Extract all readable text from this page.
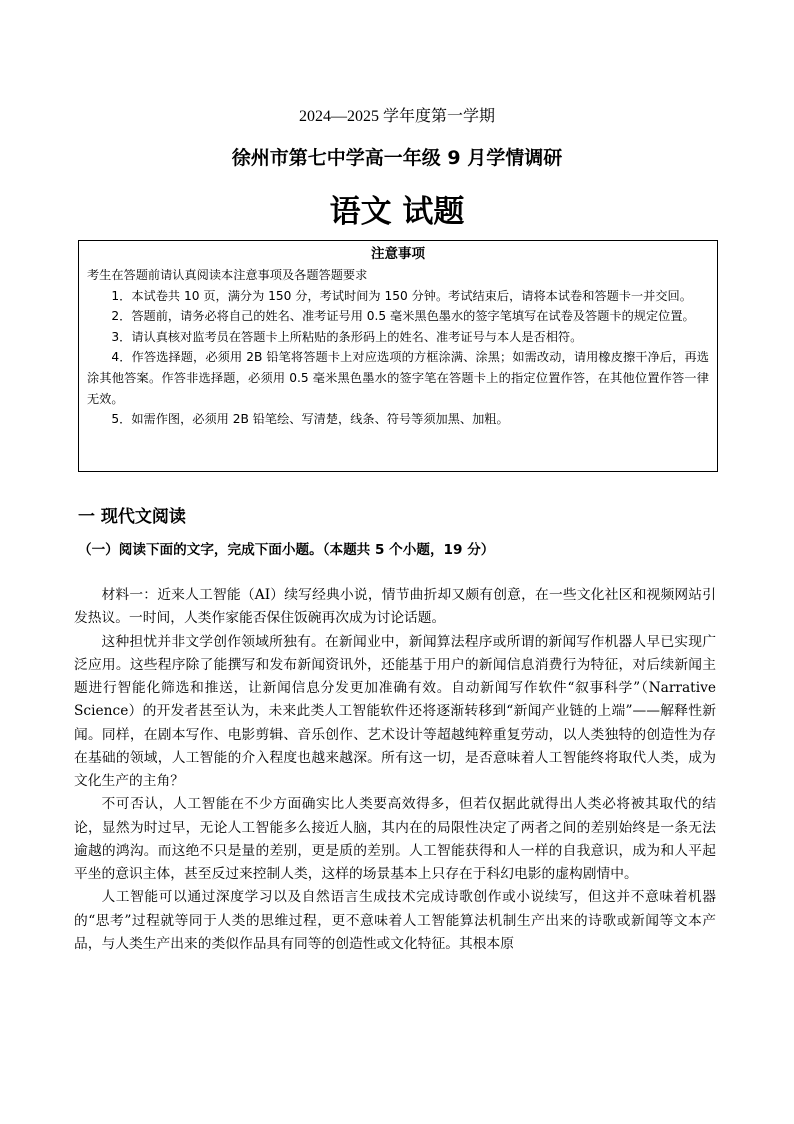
2024—2025 学年度第一学期
徐州市第七中学高一年级 9 月学情调研
语文 试题
注意事项

考生在答题前请认真阅读本注意事项及各题答题要求

1．本试卷共 10 页，满分为 150 分，考试时间为 150 分钟。考试结束后，请将本试卷和答题卡一并交回。

2．答题前，请务必将自己的姓名、准考证号用 0.5 毫米黑色墨水的签字笔填写在试卷及答题卡的规定位置。

3．请认真核对监考员在答题卡上所粘贴的条形码上的姓名、准考证号与本人是否相符。

4．作答选择题，必须用 2B 铅笔将答题卡上对应选项的方框涂满、涂黑；如需改动，请用橡皮擦干净后，再选涂其他答案。作答非选择题，必须用 0.5 毫米黑色墨水的签字笔在答题卡上的指定位置作答，在其他位置作答一律无效。

5．如需作图，必须用 2B 铅笔绘、写清楚，线条、符号等须加黑、加粗。

一 现代文阅读
（一）阅读下面的文字，完成下面小题。（本题共 5 个小题，19 分）

材料一：近来人工智能（AI）续写经典小说，情节曲折却又颇有创意，在一些文化社区和视频网站引发热议。一时间，人类作家能否保住饭碗再次成为讨论话题。

这种担忧并非文学创作领域所独有。在新闻业中，新闻算法程序或所谓的新闻写作机器人早已实现广泛应用。这些程序除了能撰写和发布新闻资讯外，还能基于用户的新闻信息消费行为特征，对后续新闻主题进行智能化筛选和推送，让新闻信息分发更加准确有效。自动新闻写作软件“叙事科学”（Narrative Science）的开发者甚至认为，未来此类人工智能软件还将逐渐转移到“新闻产业链的上端”——解释性新闻。同样，在剧本写作、电影剪辑、音乐创作、艺术设计等超越纯粹重复劳动，以人类独特的创造性为存在基础的领域，人工智能的介入程度也越来越深。所有这一切，是否意味着人工智能终将取代人类，成为文化生产的主角？

不可否认，人工智能在不少方面确实比人类要高效得多，但若仅据此就得出人类必将被其取代的结论，显然为时过早，无论人工智能多么接近人脑，其内在的局限性决定了两者之间的差别始终是一条无法逾越的鸿沟。而这绝不只是量的差别，更是质的差别。人工智能获得和人一样的自我意识，成为和人平起平坐的意识主体，甚至反过来控制人类，这样的场景基本上只存在于科幻电影的虚构剧情中。

人工智能可以通过深度学习以及自然语言生成技术完成诗歌创作或小说续写，但这并不意味着机器的“思考”过程就等同于人类的思维过程，更不意味着人工智能算法机制生产出来的诗歌或新闻等文本产品，与人类生产出来的类似作品具有同等的创造性或文化特征。其根本原
